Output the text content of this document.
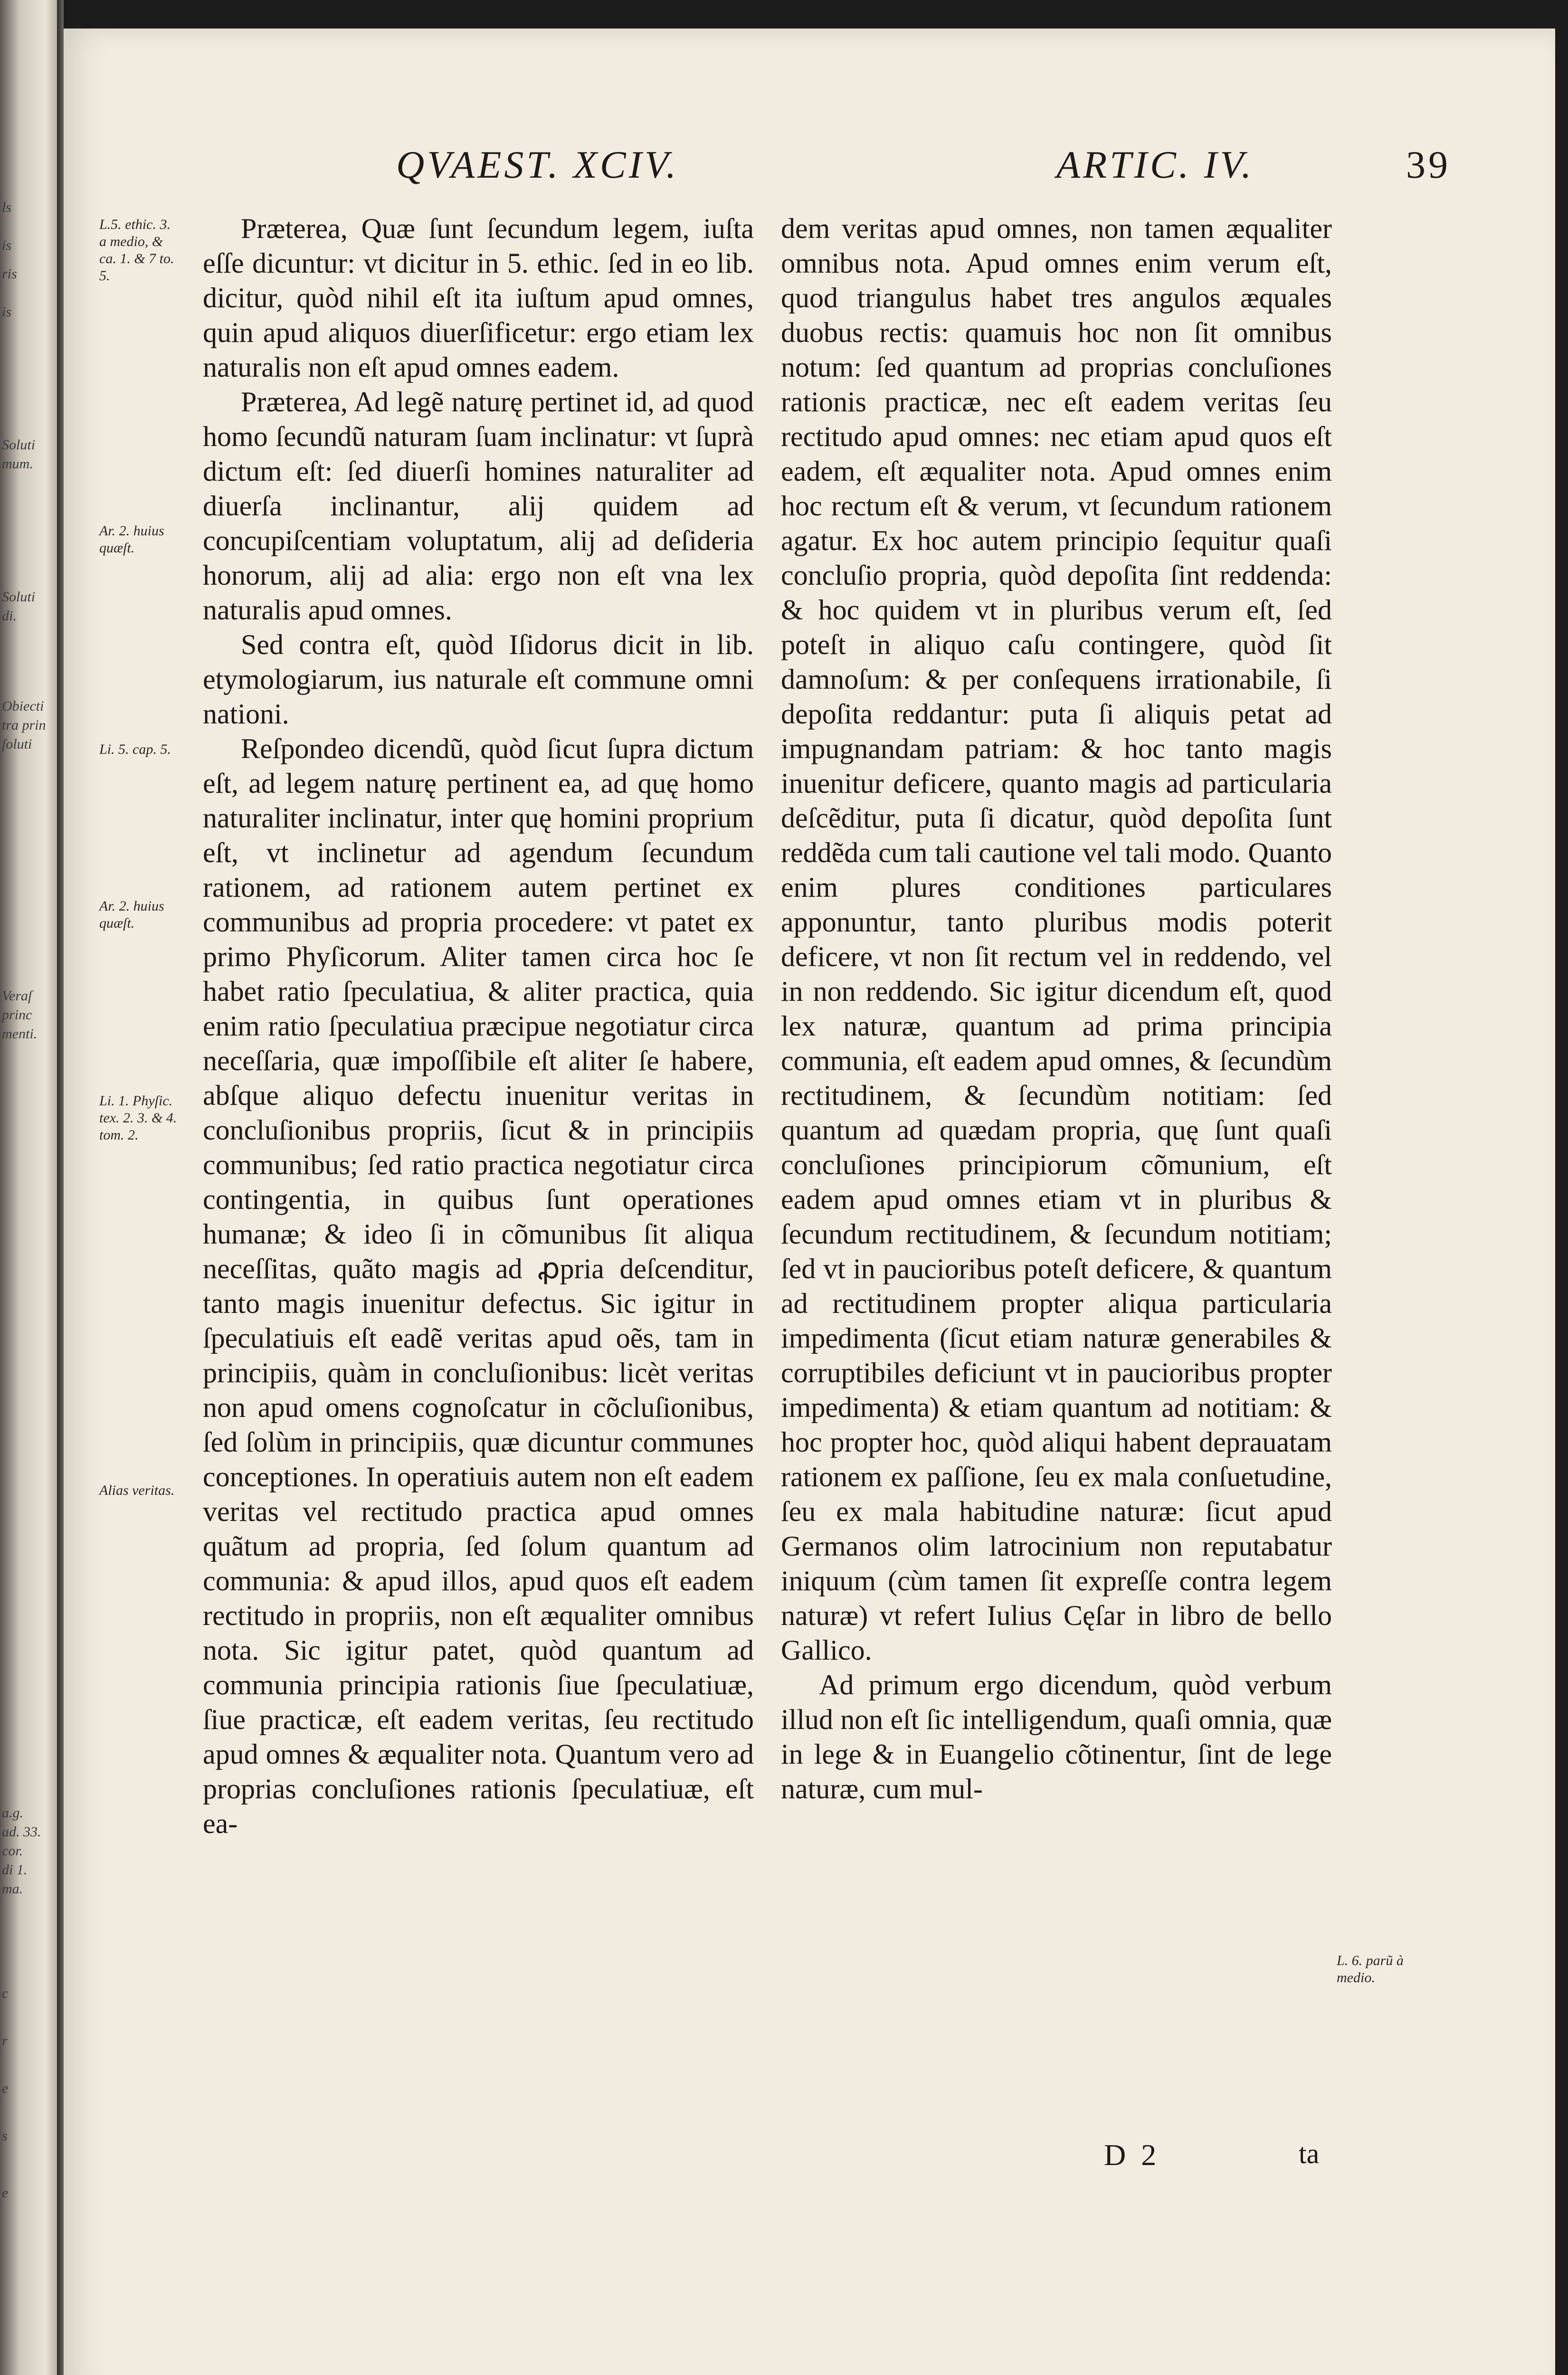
ls
is
ris
is
Soluti
mum.
Soluti
di.
Obiecti
tra prin
ſoluti
Veraſ
princ
menti.
a.g.
ad. 33.
cor.
di 1.
ma.
c
r
e
s
e
QVAEST. XCIV.	ARTIC. IV.	39
L.5. ethic. 3. a medio, & ca. 1. & 7 to. 5.
Ar. 2. huius quæſt.
Li. 5. cap. 5.
Ar. 2. huius quæſt.
Li. 1. Phyſic. tex. 2. 3. & 4. tom. 2.
Alias veritas.
L. 6. parũ à medio.

Præterea, Quæ ſunt ſecundum legem, iuſta eſſe dicuntur: vt dicitur in 5. ethic. ſed in eo lib. dicitur, quòd nihil eſt ita iuſtum apud omnes, quin apud aliquos diuerſificetur: ergo etiam lex naturalis non eſt apud omnes eadem.

Præterea, Ad legẽ naturę pertinet id, ad quod homo ſecundũ naturam ſuam inclinatur: vt ſuprà dictum eſt: ſed diuerſi homines naturaliter ad diuerſa inclinantur, alij quidem ad concupiſcentiam voluptatum, alij ad deſideria honorum, alij ad alia: ergo non eſt vna lex naturalis apud omnes.

Sed contra eſt, quòd Iſidorus dicit in lib. etymologiarum, ius naturale eſt commune omni nationi.

Reſpondeo dicendũ, quòd ſicut ſupra dictum eſt, ad legem naturę pertinent ea, ad quę homo naturaliter inclinatur, inter quę homini proprium eſt, vt inclinetur ad agendum ſecundum rationem, ad rationem autem pertinet ex communibus ad propria procedere: vt patet ex primo Phyſicorum. Aliter tamen circa hoc ſe habet ratio ſpeculatiua, & aliter practica, quia enim ratio ſpeculatiua præcipue negotiatur circa neceſſaria, quæ impoſſibile eſt aliter ſe habere, abſque aliquo defectu inuenitur veritas in concluſionibus propriis, ſicut & in principiis communibus; ſed ratio practica negotiatur circa contingentia, in quibus ſunt operationes humanæ; & ideo ſi in cõmunibus ſit aliqua neceſſitas, quãto magis ad ꝓpria deſcenditur, tanto magis inuenitur defectus. Sic igitur in ſpeculatiuis eſt eadẽ veritas apud oẽs, tam in principiis, quàm in concluſionibus: licèt veritas non apud omens cognoſcatur in cõcluſionibus, ſed ſolùm in principiis, quæ dicuntur communes conceptiones. In operatiuis autem non eſt eadem veritas vel rectitudo practica apud omnes quãtum ad propria, ſed ſolum quantum ad communia: & apud illos, apud quos eſt eadem rectitudo in propriis, non eſt æqualiter omnibus nota. Sic igitur patet, quòd quantum ad communia principia rationis ſiue ſpeculatiuæ, ſiue practicæ, eſt eadem veritas, ſeu rectitudo apud omnes & æqualiter nota. Quantum vero ad proprias concluſiones rationis ſpeculatiuæ, eſt ea-

dem veritas apud omnes, non tamen æqualiter omnibus nota. Apud omnes enim verum eſt, quod triangulus habet tres angulos æquales duobus rectis: quamuis hoc non ſit omnibus notum: ſed quantum ad proprias concluſiones rationis practicæ, nec eſt eadem veritas ſeu rectitudo apud omnes: nec etiam apud quos eſt eadem, eſt æqualiter nota. Apud omnes enim hoc rectum eſt & verum, vt ſecundum rationem agatur. Ex hoc autem principio ſequitur quaſi concluſio propria, quòd depoſita ſint reddenda: & hoc quidem vt in pluribus verum eſt, ſed poteſt in aliquo caſu contingere, quòd ſit damnoſum: & per conſequens irrationabile, ſi depoſita reddantur: puta ſi aliquis petat ad impugnandam patriam: & hoc tanto magis inuenitur deficere, quanto magis ad particularia deſcẽditur, puta ſi dicatur, quòd depoſita ſunt reddẽda cum tali cautione vel tali modo. Quanto enim plures conditiones particulares apponuntur, tanto pluribus modis poterit deficere, vt non ſit rectum vel in reddendo, vel in non reddendo. Sic igitur dicendum eſt, quod lex naturæ, quantum ad prima principia communia, eſt eadem apud omnes, & ſecundùm rectitudinem, & ſecundùm notitiam: ſed quantum ad quædam propria, quę ſunt quaſi concluſiones principiorum cõmunium, eſt eadem apud omnes etiam vt in pluribus & ſecundum rectitudinem, & ſecundum notitiam; ſed vt in paucioribus poteſt deficere, & quantum ad rectitudinem propter aliqua particularia impedimenta (ſicut etiam naturæ generabiles & corruptibiles deficiunt vt in paucioribus propter impedimenta) & etiam quantum ad notitiam: & hoc propter hoc, quòd aliqui habent deprauatam rationem ex paſſione, ſeu ex mala conſuetudine, ſeu ex mala habitudine naturæ: ſicut apud Germanos olim latrocinium non reputabatur iniquum (cùm tamen ſit expreſſe contra legem naturæ) vt refert Iulius Cęſar in libro de bello Gallico.

Ad primum ergo dicendum, quòd verbum illud non eſt ſic intelligendum, quaſi omnia, quæ in lege & in Euangelio cõtinentur, ſint de lege naturæ, cum mul-

D 2	ta
